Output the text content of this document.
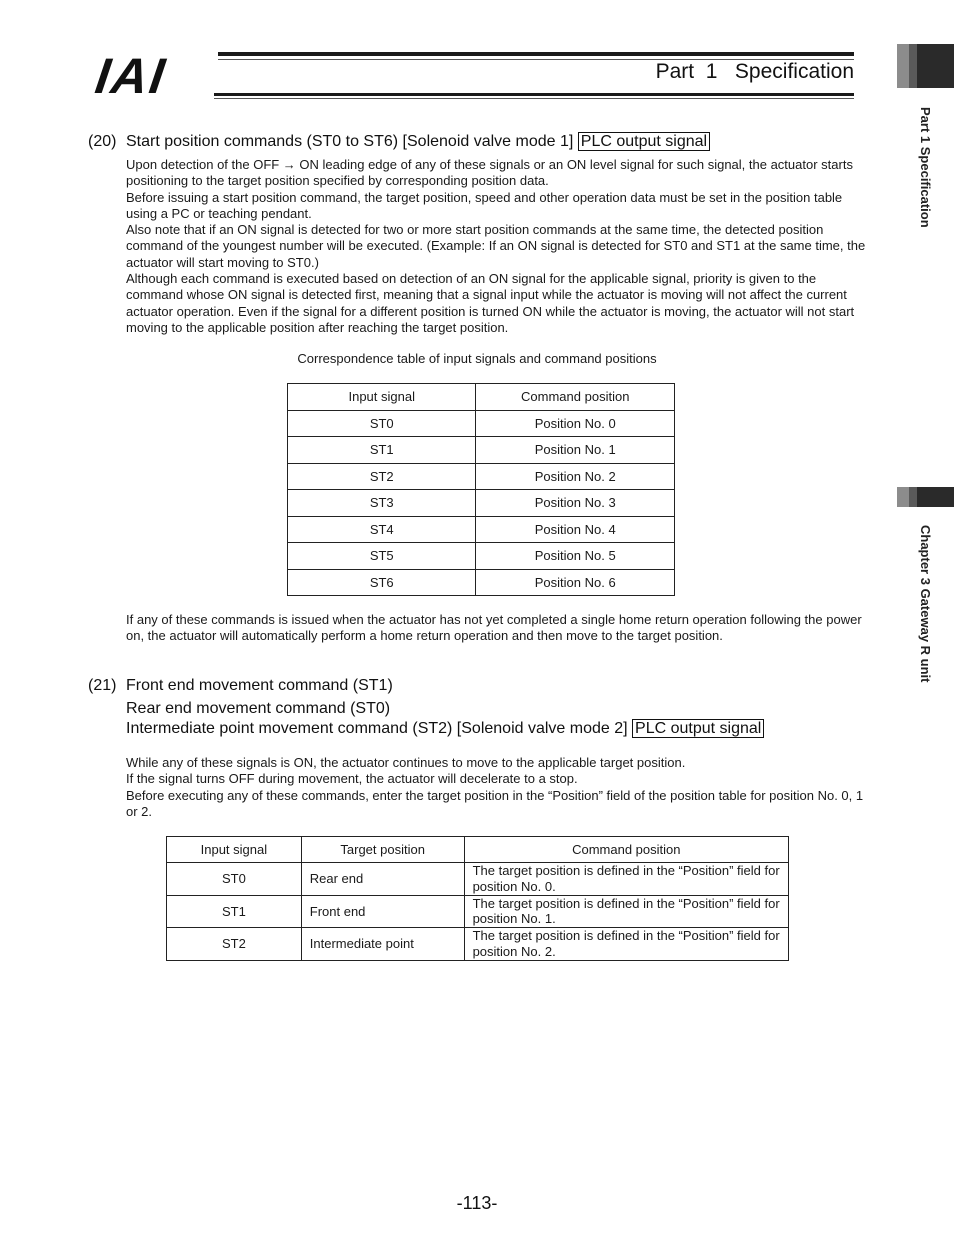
IAI	Part  1   Specification
Part 1 Specification
Chapter 3 Gateway R unit
(20) Start position commands (ST0 to ST6) [Solenoid valve mode 1] PLC output signal

Upon detection of the OFF → ON leading edge of any of these signals or an ON level signal for such signal, the actuator starts positioning to the target position specified by corresponding position data.

Before issuing a start position command, the target position, speed and other operation data must be set in the position table using a PC or teaching pendant.

Also note that if an ON signal is detected for two or more start position commands at the same time, the detected position command of the youngest number will be executed. (Example: If an ON signal is detected for ST0 and ST1 at the same time, the actuator will start moving to ST0.)

Although each command is executed based on detection of an ON signal for the applicable signal, priority is given to the command whose ON signal is detected first, meaning that a signal input while the actuator is moving will not affect the current actuator operation. Even if the signal for a different position is turned ON while the actuator is moving, the actuator will not start moving to the applicable position after reaching the target position.

Correspondence table of input signals and command positions
Input signal	Command position
ST0	Position No. 0
ST1	Position No. 1
ST2	Position No. 2
ST3	Position No. 3
ST4	Position No. 4
ST5	Position No. 5
ST6	Position No. 6

If any of these commands is issued when the actuator has not yet completed a single home return operation following the power on, the actuator will automatically perform a home return operation and then move to the target position.

(21) Front end movement command (ST1)
Rear end movement command (ST0)
Intermediate point movement command (ST2) [Solenoid valve mode 2] PLC output signal

While any of these signals is ON, the actuator continues to move to the applicable target position.

If the signal turns OFF during movement, the actuator will decelerate to a stop.

Before executing any of these commands, enter the target position in the “Position” field of the position table for position No. 0, 1 or 2.

Input signal	Target position	Command position
ST0	Rear end	The target position is defined in the “Position” field for position No. 0.
ST1	Front end	The target position is defined in the “Position” field for position No. 1.
ST2	Intermediate point	The target position is defined in the “Position” field for position No. 2.
-113-
